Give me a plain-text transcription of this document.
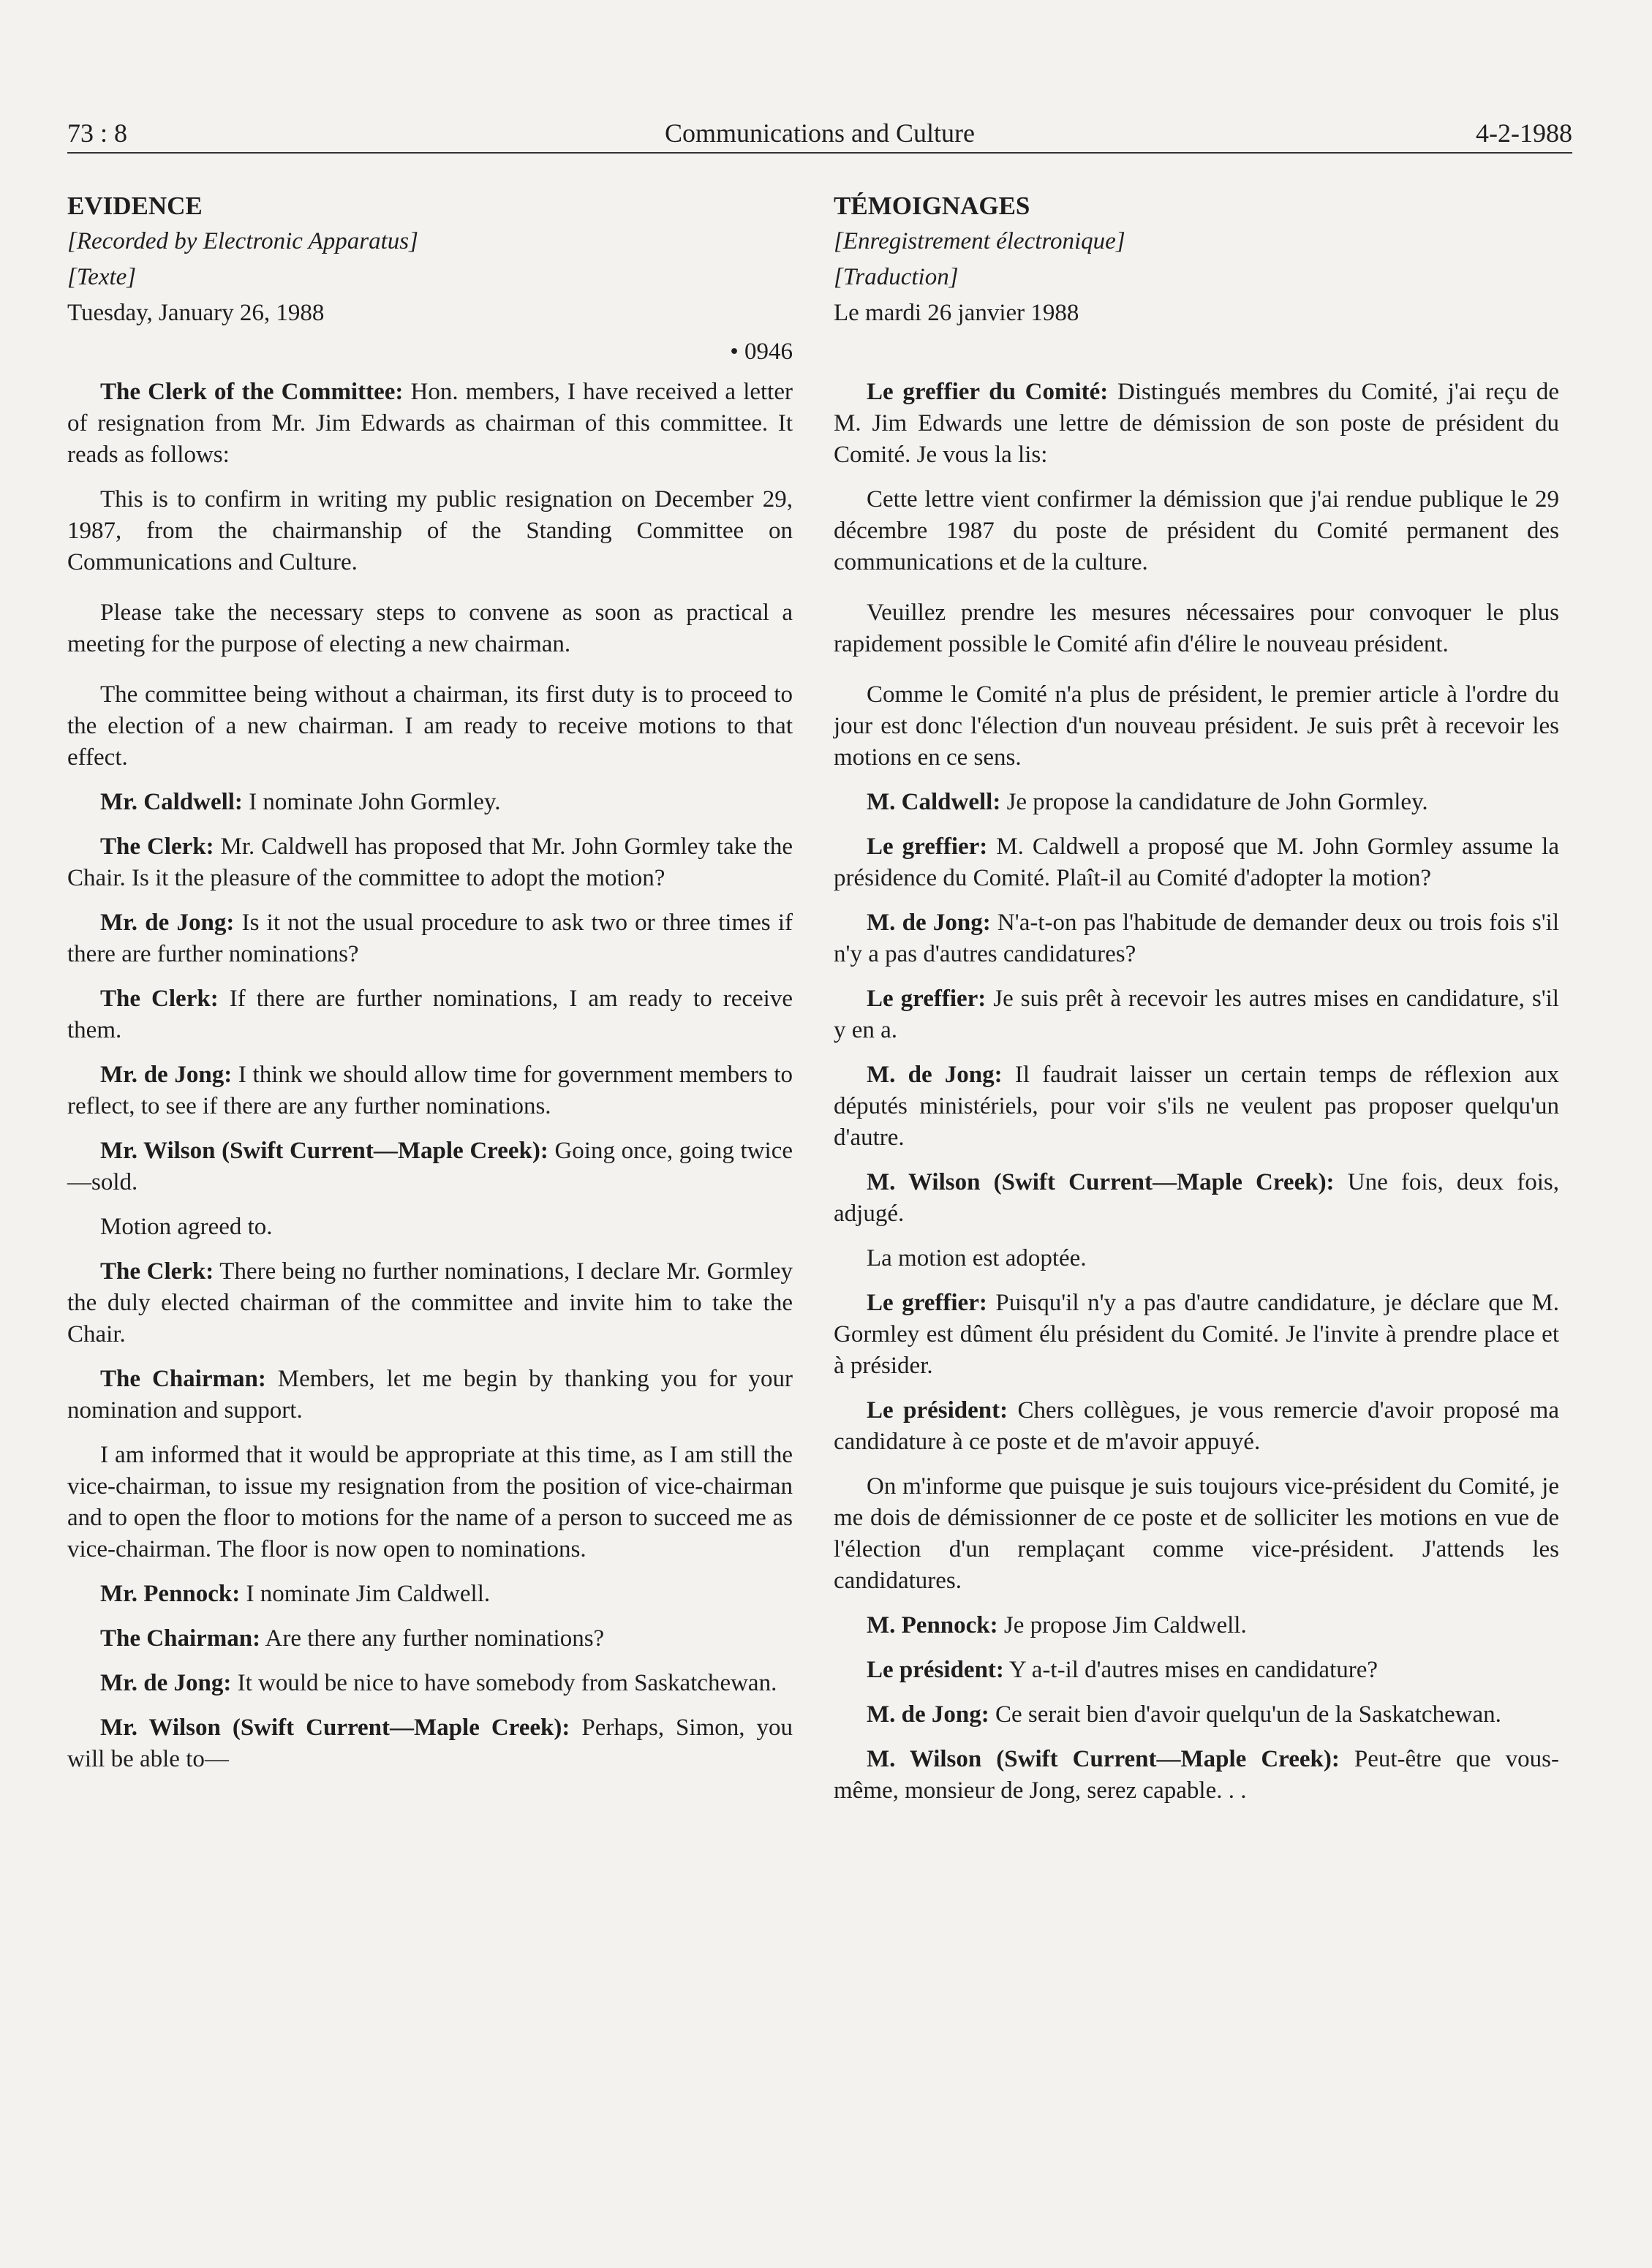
73 : 8	Communications and Culture	4-2-1988

EVIDENCE

[Recorded by Electronic Apparatus]

[Texte]

Tuesday, January 26, 1988

• 0946

The Clerk of the Committee: Hon. members, I have received a letter of resignation from Mr. Jim Edwards as chairman of this committee. It reads as follows:

This is to confirm in writing my public resignation on December 29, 1987, from the chairmanship of the Standing Committee on Communications and Culture.

Please take the necessary steps to convene as soon as practical a meeting for the purpose of electing a new chairman.

The committee being without a chairman, its first duty is to proceed to the election of a new chairman. I am ready to receive motions to that effect.

Mr. Caldwell: I nominate John Gormley.

The Clerk: Mr. Caldwell has proposed that Mr. John Gormley take the Chair. Is it the pleasure of the committee to adopt the motion?

Mr. de Jong: Is it not the usual procedure to ask two or three times if there are further nominations?

The Clerk: If there are further nominations, I am ready to receive them.

Mr. de Jong: I think we should allow time for government members to reflect, to see if there are any further nominations.

Mr. Wilson (Swift Current—Maple Creek): Going once, going twice—sold.

Motion agreed to.

The Clerk: There being no further nominations, I declare Mr. Gormley the duly elected chairman of the committee and invite him to take the Chair.

The Chairman: Members, let me begin by thanking you for your nomination and support.

I am informed that it would be appropriate at this time, as I am still the vice-chairman, to issue my resignation from the position of vice-chairman and to open the floor to motions for the name of a person to succeed me as vice-chairman. The floor is now open to nominations.

Mr. Pennock: I nominate Jim Caldwell.

The Chairman: Are there any further nominations?

Mr. de Jong: It would be nice to have somebody from Saskatchewan.

Mr. Wilson (Swift Current—Maple Creek): Perhaps, Simon, you will be able to—

TÉMOIGNAGES

[Enregistrement électronique]

[Traduction]

Le mardi 26 janvier 1988

Le greffier du Comité: Distingués membres du Comité, j'ai reçu de M. Jim Edwards une lettre de démission de son poste de président du Comité. Je vous la lis:

Cette lettre vient confirmer la démission que j'ai rendue publique le 29 décembre 1987 du poste de président du Comité permanent des communications et de la culture.

Veuillez prendre les mesures nécessaires pour convoquer le plus rapidement possible le Comité afin d'élire le nouveau président.

Comme le Comité n'a plus de président, le premier article à l'ordre du jour est donc l'élection d'un nouveau président. Je suis prêt à recevoir les motions en ce sens.

M. Caldwell: Je propose la candidature de John Gormley.

Le greffier: M. Caldwell a proposé que M. John Gormley assume la présidence du Comité. Plaît-il au Comité d'adopter la motion?

M. de Jong: N'a-t-on pas l'habitude de demander deux ou trois fois s'il n'y a pas d'autres candidatures?

Le greffier: Je suis prêt à recevoir les autres mises en candidature, s'il y en a.

M. de Jong: Il faudrait laisser un certain temps de réflexion aux députés ministériels, pour voir s'ils ne veulent pas proposer quelqu'un d'autre.

M. Wilson (Swift Current—Maple Creek): Une fois, deux fois, adjugé.

La motion est adoptée.

Le greffier: Puisqu'il n'y a pas d'autre candidature, je déclare que M. Gormley est dûment élu président du Comité. Je l'invite à prendre place et à présider.

Le président: Chers collègues, je vous remercie d'avoir proposé ma candidature à ce poste et de m'avoir appuyé.

On m'informe que puisque je suis toujours vice-président du Comité, je me dois de démissionner de ce poste et de solliciter les motions en vue de l'élection d'un remplaçant comme vice-président. J'attends les candidatures.

M. Pennock: Je propose Jim Caldwell.

Le président: Y a-t-il d'autres mises en candidature?

M. de Jong: Ce serait bien d'avoir quelqu'un de la Saskatchewan.

M. Wilson (Swift Current—Maple Creek): Peut-être que vous-même, monsieur de Jong, serez capable. . .
